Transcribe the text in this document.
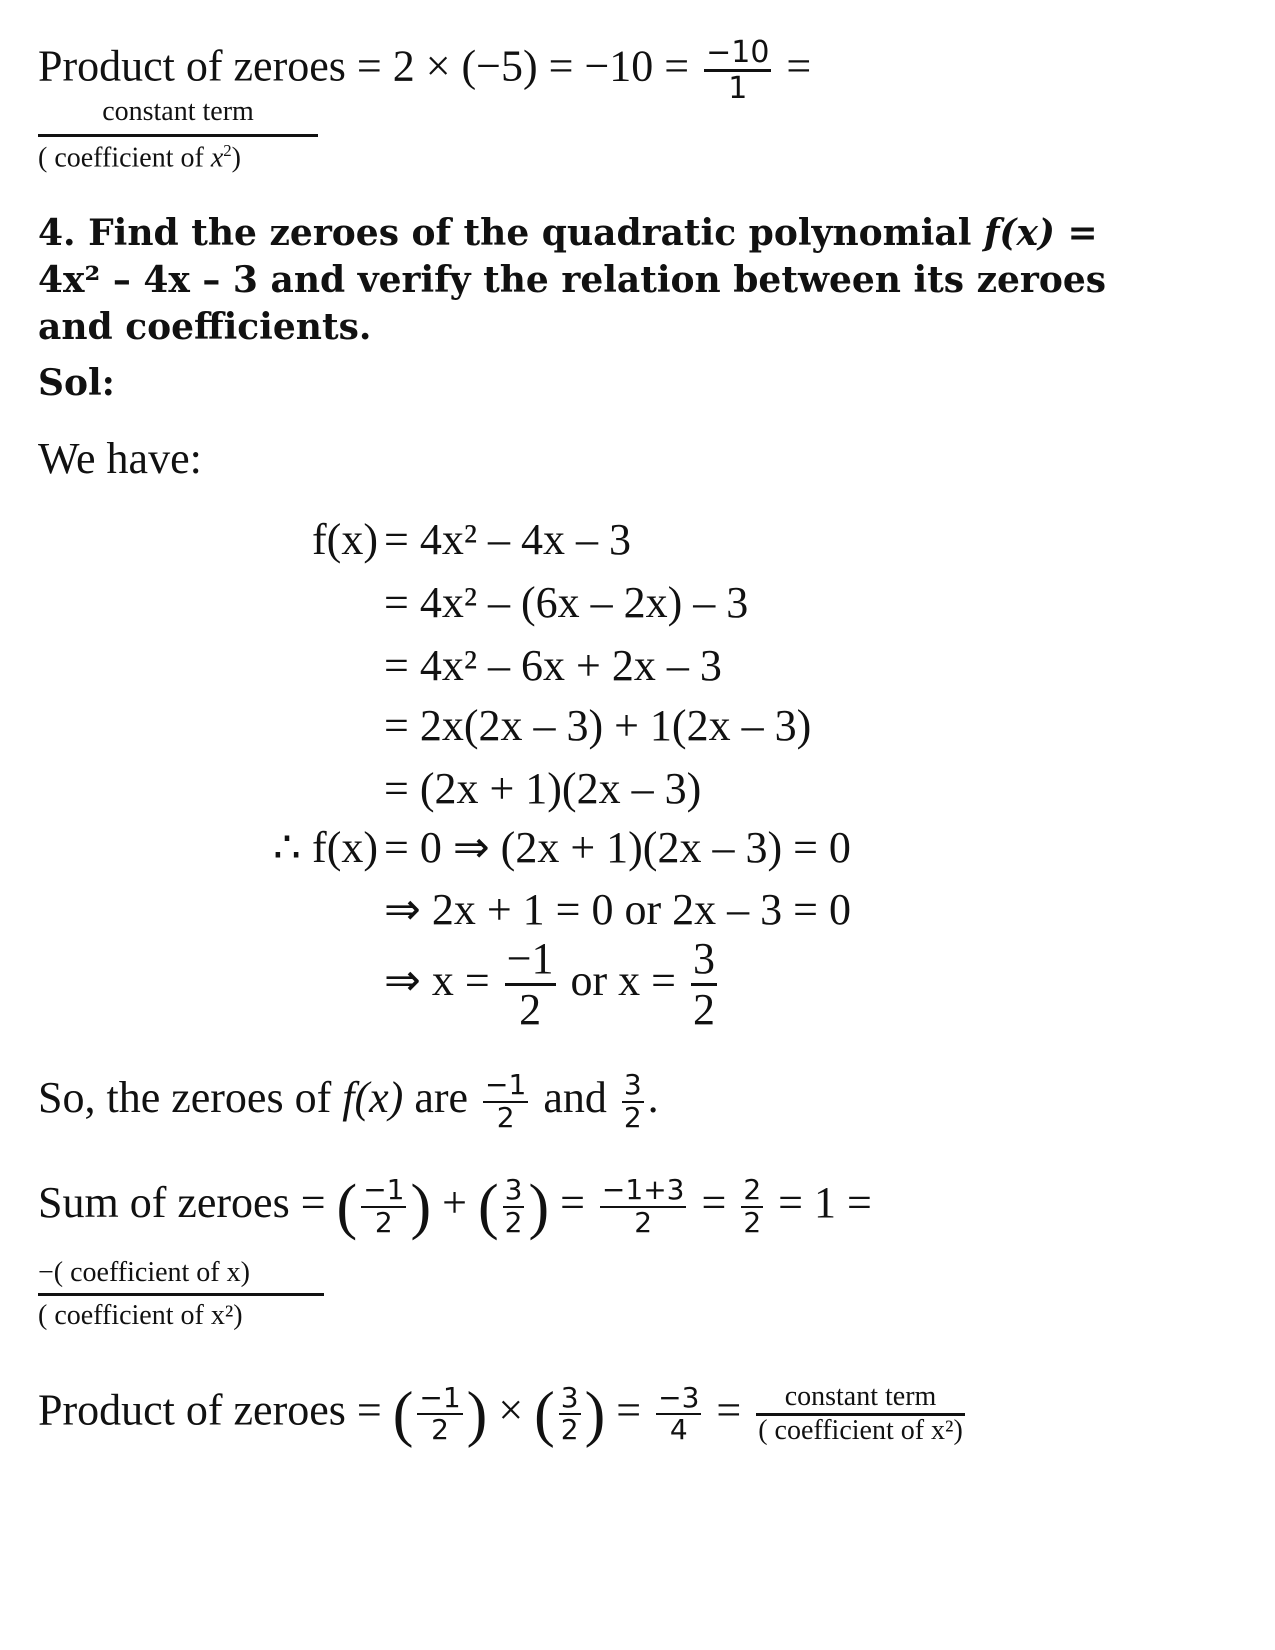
Product of zeroes = $2 \times (-5) = -10 = \frac{-10}{1}$ =
constant term
( coefficient of $x^2$)
4. Find the zeroes of the quadratic polynomial f(x) =
4x² – 4x – 3 and verify the relation between its zeroes
and coefficients.
Sol:
We have:
f(x) = 4x² – 4x – 3
= 4x² – (6x – 2x) – 3
= 4x² – 6x + 2x – 3
= 2x(2x – 3) + 1(2x – 3)
= (2x + 1)(2x – 3)
∴ f(x) = 0 ⇒ (2x + 1)(2x – 3) = 0
⇒ 2x + 1 = 0 or 2x – 3 = 0
⇒ $x = \frac{-1}{2}$ or $x = \frac{3}{2}$
So, the zeroes of f(x) are $\frac{-1}{2}$ and $\frac{3}{2}$ .
Sum of zeroes = ( $\frac{-1}{2}$ ) + ( $\frac{3}{2}$ ) = $\frac{-1+3}{2} = \frac{2}{2} = 1$ =
−( coefficient of x)
( coefficient of x²)
Product of zeroes = ( $\frac{-1}{2}$ ) × ( $\frac{3}{2}$ ) = $\frac{-3}{4} = \frac{\text{constant term}}{\text{( coefficient of x²)}}$
